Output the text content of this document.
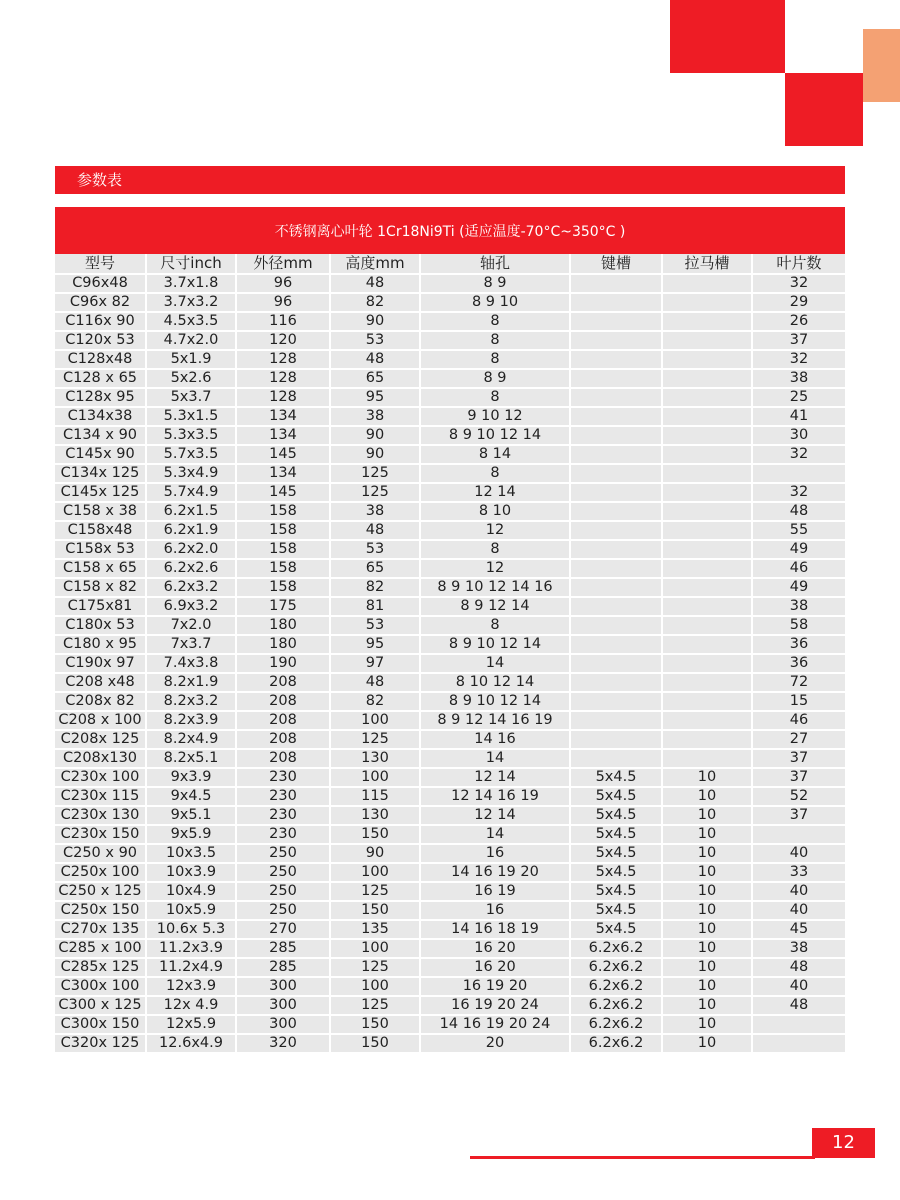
参数表
不锈钢离心叶轮 1Cr18Ni9Ti (适应温度-70°C~350°C )							
型号	尺寸inch	外径mm	高度mm	轴孔	键槽	拉马槽	叶片数
C96x48	3.7x1.8	96	48	8 9			32
C96x 82	3.7x3.2	96	82	8 9 10			29
C116x 90	4.5x3.5	116	90	8			26
C120x 53	4.7x2.0	120	53	8			37
C128x48	5x1.9	128	48	8			32
C128 x 65	5x2.6	128	65	8 9			38
C128x 95	5x3.7	128	95	8			25
C134x38	5.3x1.5	134	38	9 10 12			41
C134 x 90	5.3x3.5	134	90	8 9 10 12 14			30
C145x 90	5.7x3.5	145	90	8 14			32
C134x 125	5.3x4.9	134	125	8			
C145x 125	5.7x4.9	145	125	12 14			32
C158 x 38	6.2x1.5	158	38	8 10			48
C158x48	6.2x1.9	158	48	12			55
C158x 53	6.2x2.0	158	53	8			49
C158 x 65	6.2x2.6	158	65	12			46
C158 x 82	6.2x3.2	158	82	8 9 10 12 14 16			49
C175x81	6.9x3.2	175	81	8 9 12 14			38
C180x 53	7x2.0	180	53	8			58
C180 x 95	7x3.7	180	95	8 9 10 12 14			36
C190x 97	7.4x3.8	190	97	14			36
C208 x48	8.2x1.9	208	48	8 10 12 14			72
C208x 82	8.2x3.2	208	82	8 9 10 12 14			15
C208 x 100	8.2x3.9	208	100	8 9 12 14 16 19			46
C208x 125	8.2x4.9	208	125	14 16			27
C208x130	8.2x5.1	208	130	14			37
C230x 100	9x3.9	230	100	12 14	5x4.5	10	37
C230x 115	9x4.5	230	115	12 14 16 19	5x4.5	10	52
C230x 130	9x5.1	230	130	12 14	5x4.5	10	37
C230x 150	9x5.9	230	150	14	5x4.5	10	
C250 x 90	10x3.5	250	90	16	5x4.5	10	40
C250x 100	10x3.9	250	100	14 16 19 20	5x4.5	10	33
C250 x 125	10x4.9	250	125	16 19	5x4.5	10	40
C250x 150	10x5.9	250	150	16	5x4.5	10	40
C270x 135	10.6x 5.3	270	135	14 16 18 19	5x4.5	10	45
C285 x 100	11.2x3.9	285	100	16 20	6.2x6.2	10	38
C285x 125	11.2x4.9	285	125	16 20	6.2x6.2	10	48
C300x 100	12x3.9	300	100	16 19 20	6.2x6.2	10	40
C300 x 125	12x 4.9	300	125	16 19 20 24	6.2x6.2	10	48
C300x 150	12x5.9	300	150	14 16 19 20 24	6.2x6.2	10	
C320x 125	12.6x4.9	320	150	20	6.2x6.2	10	
12
